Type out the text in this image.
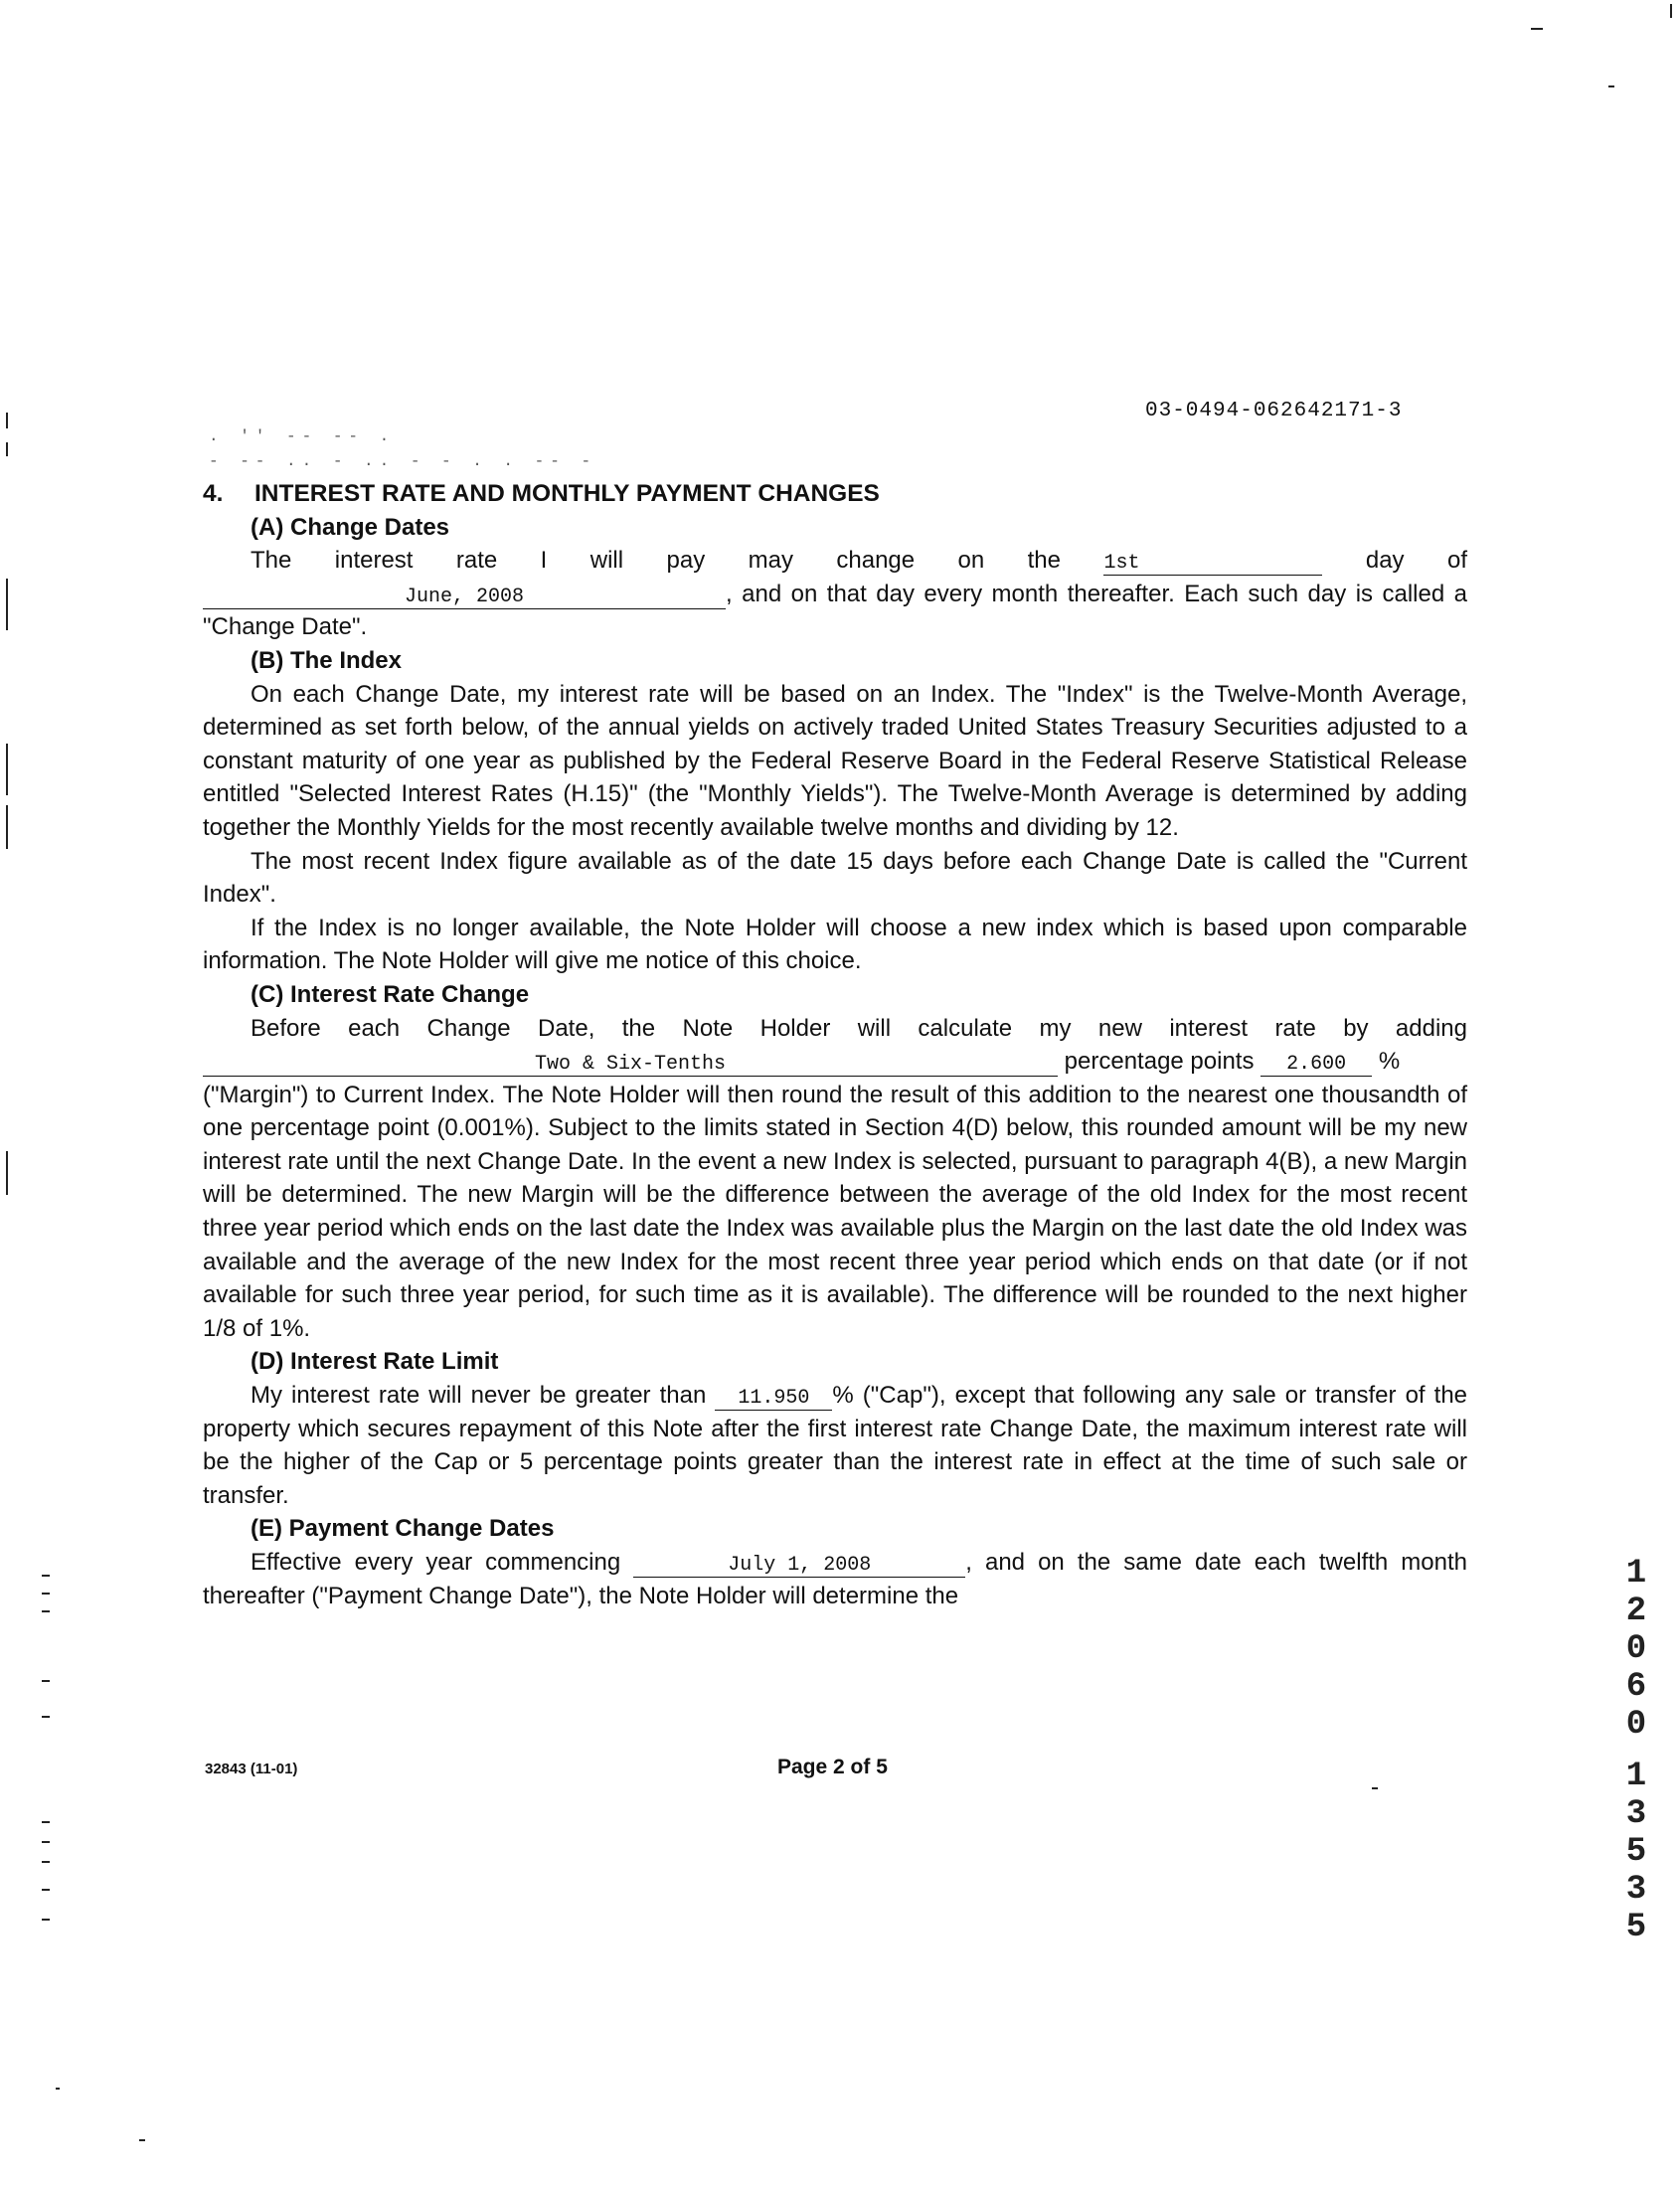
03-0494-062642171-3
. '' -- -- .
- -- .. - .. - - . . -- -

4. INTEREST RATE AND MONTHLY PAYMENT CHANGES

(A) Change Dates

The interest rate I will pay may change on the 1st	day of

June, 2008	, and on that day every month thereafter. Each such day is called a "Change Date".

(B) The Index

On each Change Date, my interest rate will be based on an Index. The "Index" is the Twelve-Month Average, determined as set forth below, of the annual yields on actively traded United States Treasury Securities adjusted to a constant maturity of one year as published by the Federal Reserve Board in the Federal Reserve Statistical Release entitled "Selected Interest Rates (H.15)" (the "Monthly Yields"). The Twelve-Month Average is determined by adding together the Monthly Yields for the most recently available twelve months and dividing by 12.

The most recent Index figure available as of the date 15 days before each Change Date is called the "Current Index".

If the Index is no longer available, the Note Holder will choose a new index which is based upon comparable information. The Note Holder will give me notice of this choice.

(C) Interest Rate Change

Before each Change Date, the Note Holder will calculate my new interest rate by adding

Two & Six-Tenths	percentage points 2.600 %

("Margin") to Current Index. The Note Holder will then round the result of this addition to the nearest one thousandth of one percentage point (0.001%). Subject to the limits stated in Section 4(D) below, this rounded amount will be my new interest rate until the next Change Date. In the event a new Index is selected, pursuant to paragraph 4(B), a new Margin will be determined. The new Margin will be the difference between the average of the old Index for the most recent three year period which ends on the last date the Index was available plus the Margin on the last date the old Index was available and the average of the new Index for the most recent three year period which ends on that date (or if not available for such three year period, for such time as it is available). The difference will be rounded to the next higher 1/8 of 1%.

(D) Interest Rate Limit

My interest rate will never be greater than 11.950 % ("Cap"), except that following any sale or transfer of the property which secures repayment of this Note after the first interest rate Change Date, the maximum interest rate will be the higher of the Cap or 5 percentage points greater than the interest rate in effect at the time of such sale or transfer.

(E) Payment Change Dates

Effective every year commencing	July 1, 2008	, and on the same date each twelfth month thereafter ("Payment Change Date"), the Note Holder will determine the

32843 (11-01)	Page 2 of 5
1
2
0
6
0
1
3
5
3
5
